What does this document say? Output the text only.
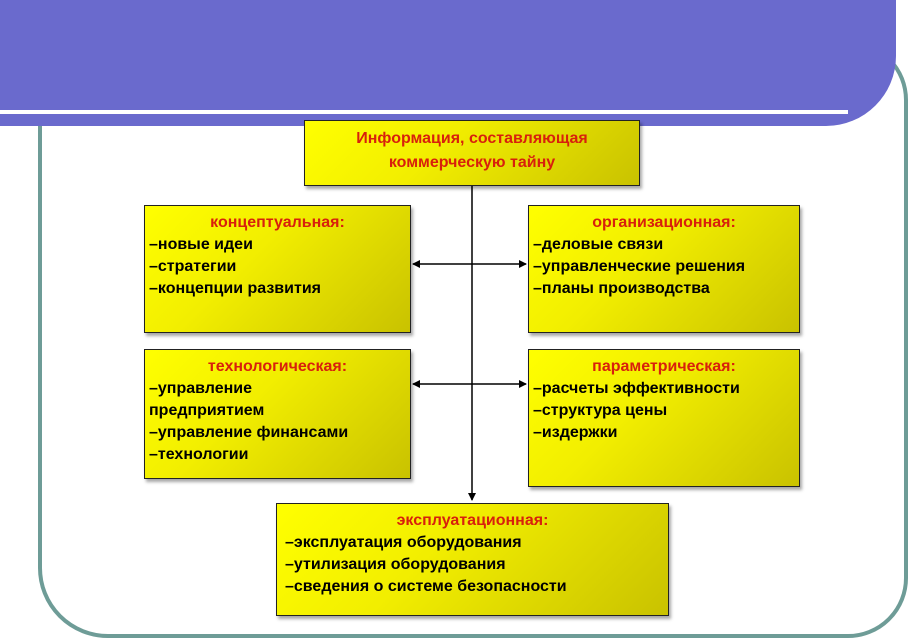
Информация, составляющая
коммерческую тайну
концептуальная:
–новые идеи
–стратегии
–концепции развития
организационная:
–деловые связи
–управленческие решения
–планы производства
технологическая:
–управление
предприятием
–управление финансами
–технологии
параметрическая:
–расчеты эффективности
–структура цены
–издержки
эксплуатационная:
–эксплуатация оборудования
–утилизация оборудования
–сведения о системе безопасности
